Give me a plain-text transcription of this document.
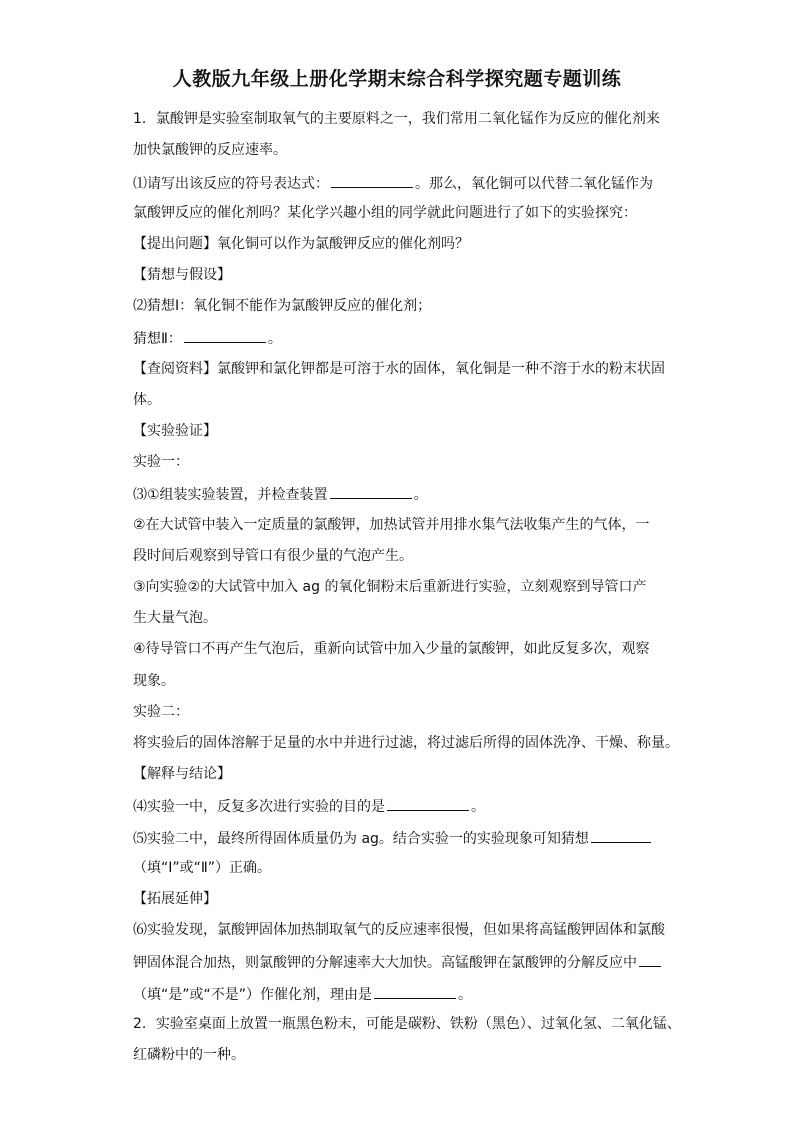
人教版九年级上册化学期末综合科学探究题专题训练
1．氯酸钾是实验室制取氧气的主要原料之一，我们常用二氧化锰作为反应的催化剂来
加快氯酸钾的反应速率。
⑴请写出该反应的符号表达式：	。那么，氧化铜可以代替二氧化锰作为
氯酸钾反应的催化剂吗？某化学兴趣小组的同学就此问题进行了如下的实验探究：
【提出问题】氧化铜可以作为氯酸钾反应的催化剂吗？
【猜想与假设】
⑵猜想Ⅰ：氧化铜不能作为氯酸钾反应的催化剂；
猜想Ⅱ：	。
【查阅资料】氯酸钾和氯化钾都是可溶于水的固体，氧化铜是一种不溶于水的粉末状固
体。
【实验验证】
实验一：
⑶①组装实验装置，并检查装置	。
②在大试管中装入一定质量的氯酸钾，加热试管并用排水集气法收集产生的气体，一
段时间后观察到导管口有很少量的气泡产生。
③向实验②的大试管中加入 ag 的氧化铜粉末后重新进行实验，立刻观察到导管口产
生大量气泡。
④待导管口不再产生气泡后，重新向试管中加入少量的氯酸钾，如此反复多次，观察
现象。
实验二：
将实验后的固体溶解于足量的水中并进行过滤，将过滤后所得的固体洗净、干燥、称量。
【解释与结论】
⑷实验一中，反复多次进行实验的目的是	。
⑸实验二中，最终所得固体质量仍为 ag。结合实验一的实验现象可知猜想
（填“Ⅰ”或“Ⅱ”）正确。
【拓展延伸】
⑹实验发现，氯酸钾固体加热制取氧气的反应速率很慢，但如果将高锰酸钾固体和氯酸
钾固体混合加热，则氯酸钾的分解速率大大加快。高锰酸钾在氯酸钾的分解反应中
（填“是”或“不是”）作催化剂，理由是	。
2．实验室桌面上放置一瓶黑色粉末，可能是碳粉、铁粉（黑色）、过氧化氢、二氧化锰、
红磷粉中的一种。
